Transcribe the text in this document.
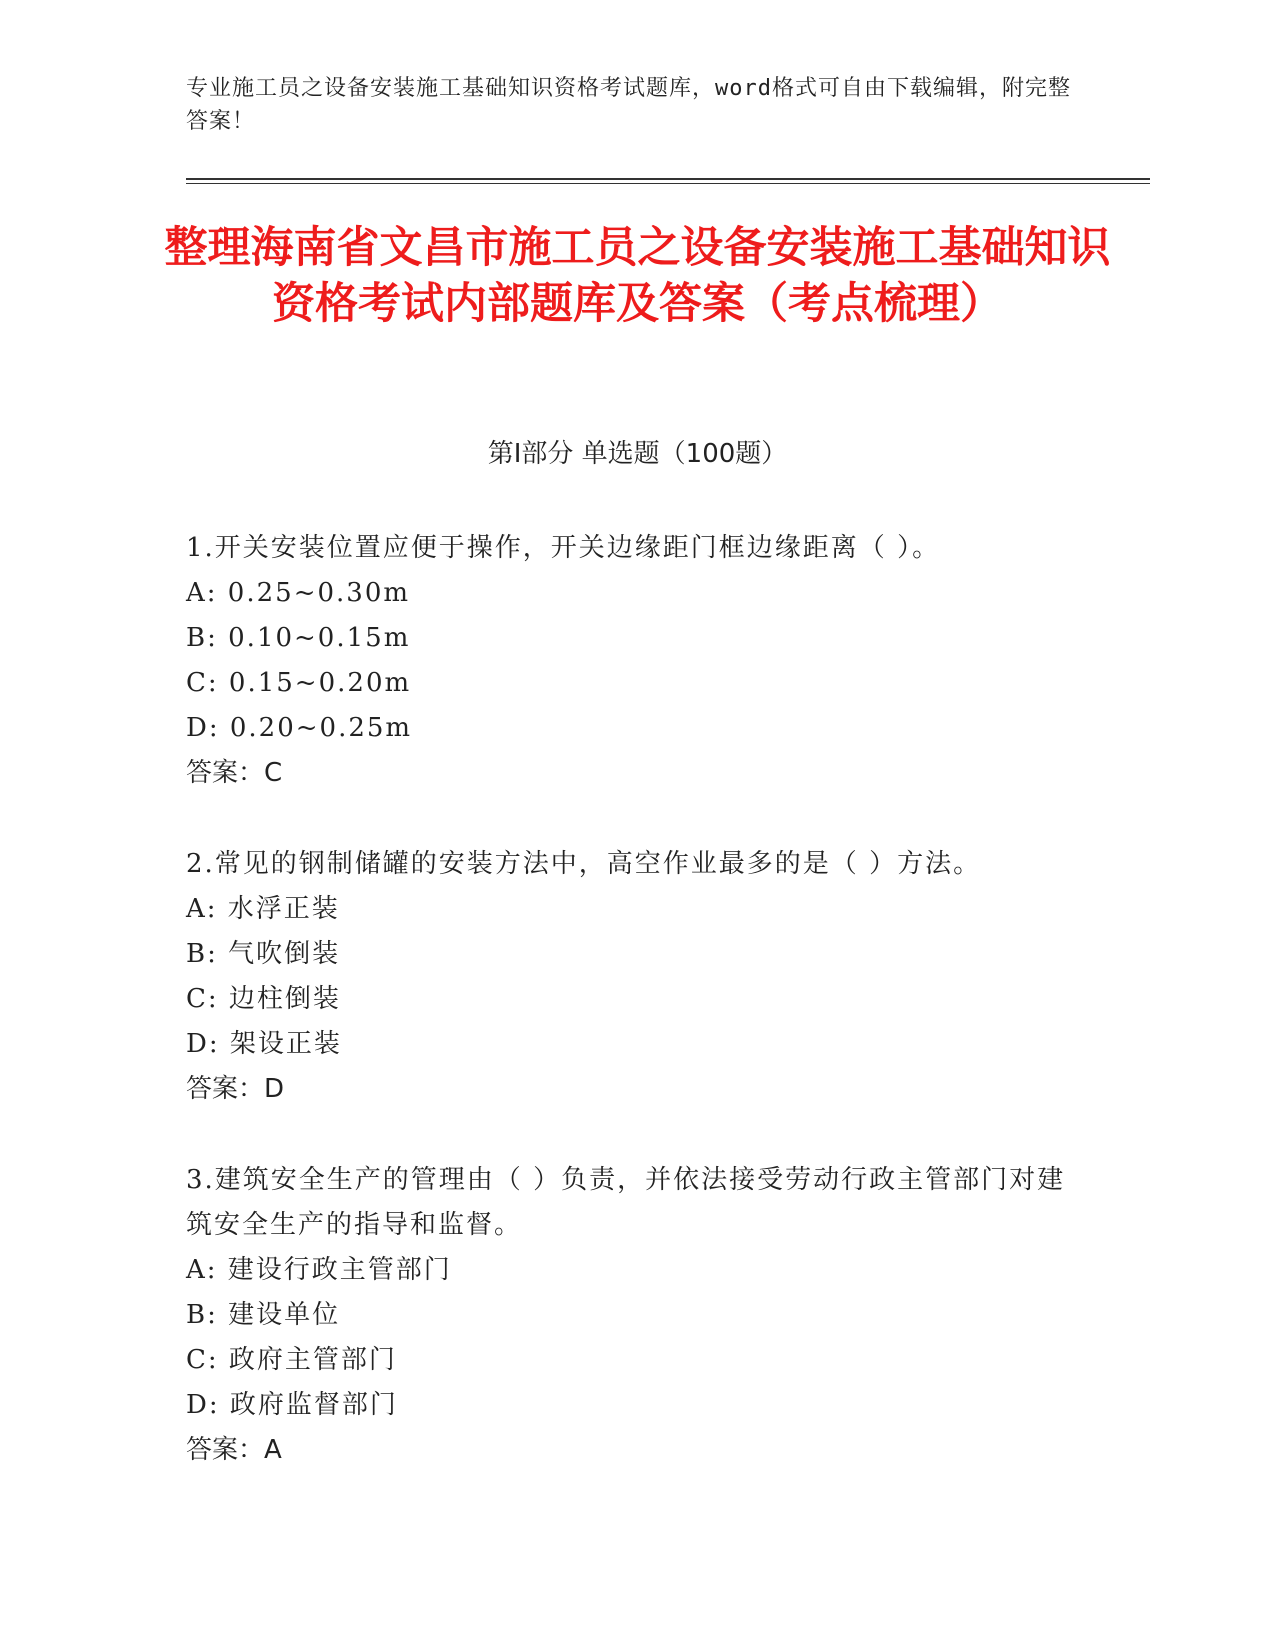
专业施工员之设备安装施工基础知识资格考试题库，word格式可自由下载编辑，附完整答案！
整理海南省文昌市施工员之设备安装施工基础知识资格考试内部题库及答案（考点梳理）
第Ⅰ部分 单选题（100题）
1.开关安装位置应便于操作，开关边缘距门框边缘距离（ ）。
A: 0.25~0.30m
B: 0.10~0.15m
C: 0.15~0.20m
D: 0.20~0.25m
答案：C
2.常见的钢制储罐的安装方法中，高空作业最多的是（ ）方法。
A: 水浮正装
B: 气吹倒装
C: 边柱倒装
D: 架设正装
答案：D
3.建筑安全生产的管理由（ ）负责，并依法接受劳动行政主管部门对建筑安全生产的指导和监督。
A: 建设行政主管部门
B: 建设单位
C: 政府主管部门
D: 政府监督部门
答案：A
